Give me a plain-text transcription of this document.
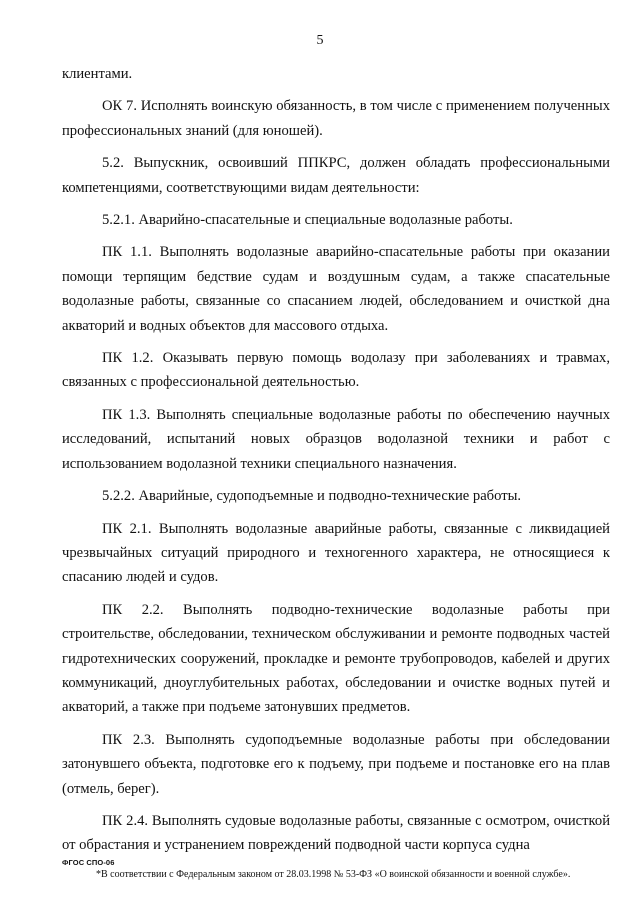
5

клиентами.

ОК 7. Исполнять воинскую обязанность, в том числе с применением полученных профессиональных знаний (для юношей).

5.2. Выпускник, освоивший ППКРС, должен обладать профессиональными компетенциями, соответствующими видам деятельности:

5.2.1. Аварийно-спасательные и специальные водолазные работы.

ПК 1.1. Выполнять водолазные аварийно-спасательные работы при оказании помощи терпящим бедствие судам и воздушным судам, а также спасательные водолазные работы, связанные со спасанием людей, обследованием и очисткой дна акваторий и водных объектов для массового отдыха.

ПК 1.2. Оказывать первую помощь водолазу при заболеваниях и травмах, связанных с профессиональной деятельностью.

ПК 1.3. Выполнять специальные водолазные работы по обеспечению научных исследований, испытаний новых образцов водолазной техники и работ с использованием водолазной техники специального назначения.

5.2.2. Аварийные, судоподъемные и подводно-технические работы.

ПК 2.1. Выполнять водолазные аварийные работы, связанные с ликвидацией чрезвычайных ситуаций природного и техногенного характера, не относящиеся к спасанию людей и судов.

ПК 2.2. Выполнять подводно-технические водолазные работы при строительстве, обследовании, техническом обслуживании и ремонте подводных частей гидротехнических сооружений, прокладке и ремонте трубопроводов, кабелей и других коммуникаций, дноуглубительных работах, обследовании и очистке водных путей и акваторий, а также при подъеме затонувших предметов.

ПК 2.3. Выполнять судоподъемные водолазные работы при обследовании затонувшего объекта, подготовке его к подъему, при подъеме и постановке его на плав (отмель, берег).

ПК 2.4. Выполнять судовые водолазные работы, связанные с осмотром, очисткой от обрастания и устранением повреждений подводной части корпуса судна

ФГОС СПО-06
*В соответствии с Федеральным законом от 28.03.1998 № 53-ФЗ «О воинской обязанности и военной службе».
